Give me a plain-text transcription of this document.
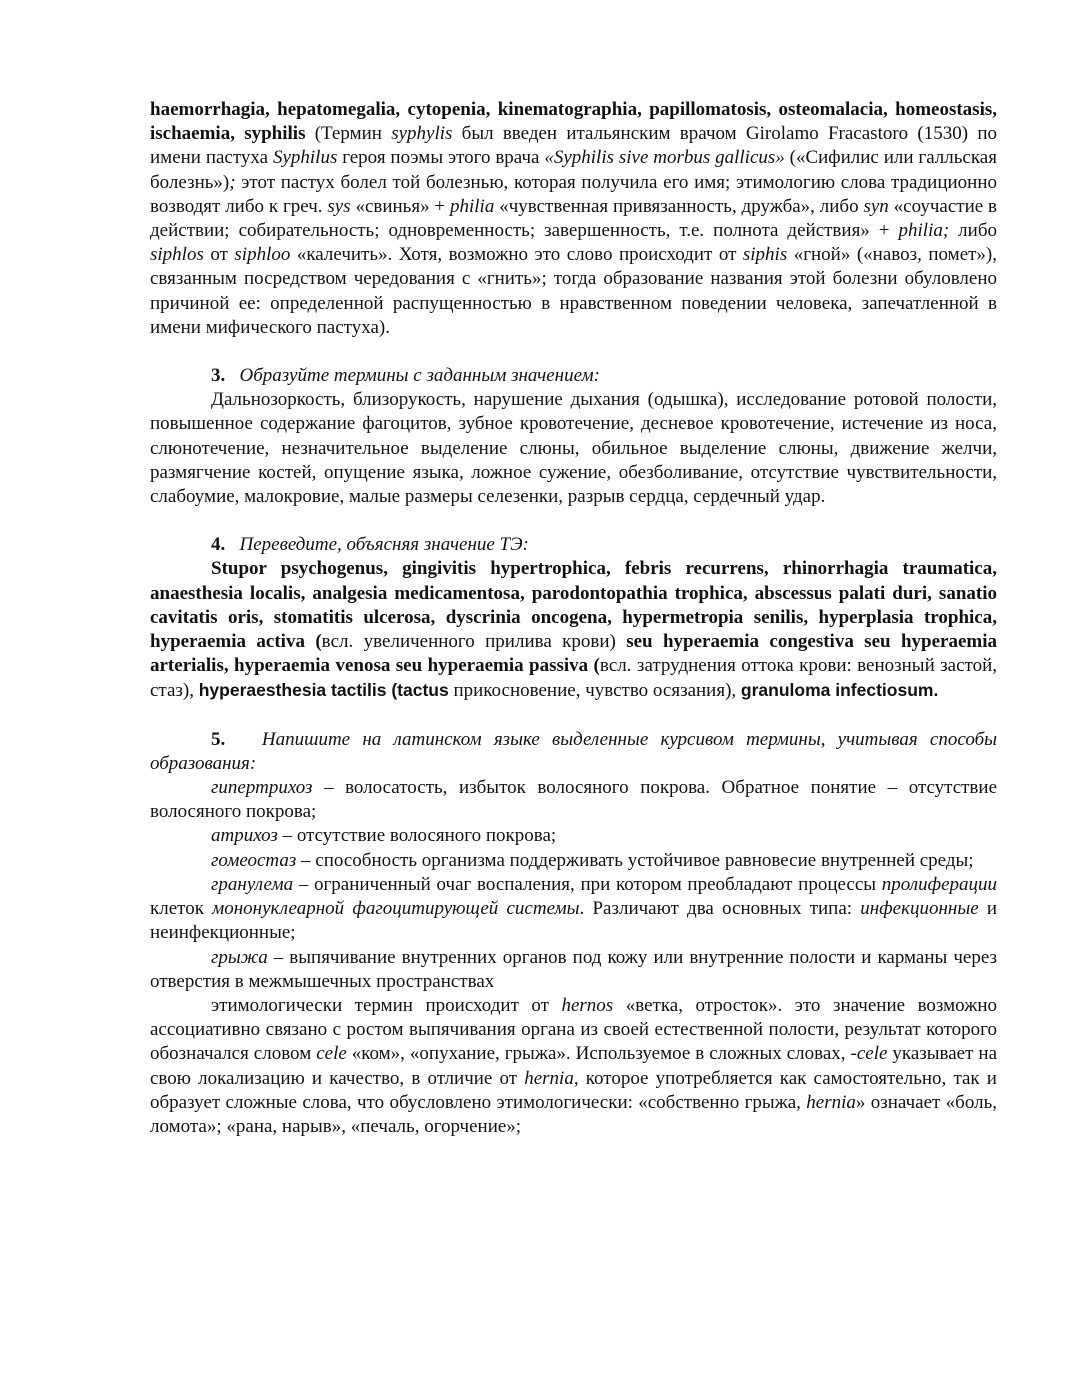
haemorrhagia, hepatomegalia, cytopenia, kinematographia, papillomatosis, osteomalacia, homeostasis, ischaemia, syphilis (Термин syphylis был введен итальянским врачом Girolamo Fracastoro (1530) по имени пастуха Syphilus героя поэмы этого врача «Syphilis sive morbus gallicus» («Сифилис или галльская болезнь»); этот пастух болел той болезнью, которая получила его имя; этимологию слова традиционно возводят либо к греч. sys «свинья» + philia «чувственная привязанность, дружба», либо syn «соучастие в действии; собирательность; одновременность; завершенность, т.е. полнота действия» + philia; либо siphlos от siphloo «калечить». Хотя, возможно это слово происходит от siphis «гной» («навоз, помет»), связанным посредством чередования с «гнить»; тогда образование названия этой болезни обуловлено причиной ее: определенной распущенностью в нравственном поведении человека, запечатленной в имени мифического пастуха).

3. Образуйте термины с заданным значением:

Дальнозоркость, близорукость, нарушение дыхания (одышка), исследование ротовой полости, повышенное содержание фагоцитов, зубное кровотечение, десневое кровотечение, истечение из носа, слюнотечение, незначительное выделение слюны, обильное выделение слюны, движение желчи, размягчение костей, опущение языка, ложное сужение, обезболивание, отсутствие чувствительности, слабоумие, малокровие, малые размеры селезенки, разрыв сердца, сердечный удар.

4. Переведите, объясняя значение ТЭ:

Stupor psychogenus, gingivitis hypertrophica, febris recurrens, rhinorrhagia traumatica, anaesthesia localis, analgesia medicamentosa, parodontopathia trophica, abscessus palati duri, sanatio cavitatis oris, stomatitis ulcerosa, dyscrinia oncogena, hypermetropia senilis, hyperplasia trophica, hyperaemia activa (вcл. увеличенного прилива крови) seu hyperaemia congestiva seu hyperaemia arterialis, hyperaemia venosa seu hyperaemia passiva (вcл. затруднения оттока крови: венозный застой, стаз), hyperaesthesia tactilis (tactus прикосновение, чувство осязания), granuloma infectiosum.

5. Напишите на латинском языке выделенные курсивом термины, учитывая способы образования:

гипертрихоз – волосатость, избыток волосяного покрова. Обратное понятие – отсутствие волосяного покрова;

атрихоз – отсутствие волосяного покрова;

гомеостаз – способность организма поддерживать устойчивое равновесие внутренней среды;

гранулема – ограниченный очаг воспаления, при котором преобладают процессы пролиферации клеток мононуклеарной фагоцитирующей системы. Различают два основных типа: инфекционные и неинфекционные;

грыжа – выпячивание внутренних органов под кожу или внутренние полости и карманы через отверстия в межмышечных пространствах

этимологически термин происходит от hernos «ветка, отросток». это значение возможно ассоциативно связано с ростом выпячивания органа из своей естественной полости, результат которого обозначался словом cele «ком», «опухание, грыжа». Используемое в сложных словах, -cele указывает на свою локализацию и качество, в отличие от hernia, которое употребляется как самостоятельно, так и образует сложные слова, что обусловлено этимологически: «собственно грыжа, hernia» означает «боль, ломота»; «рана, нарыв», «печаль, огорчение»;
